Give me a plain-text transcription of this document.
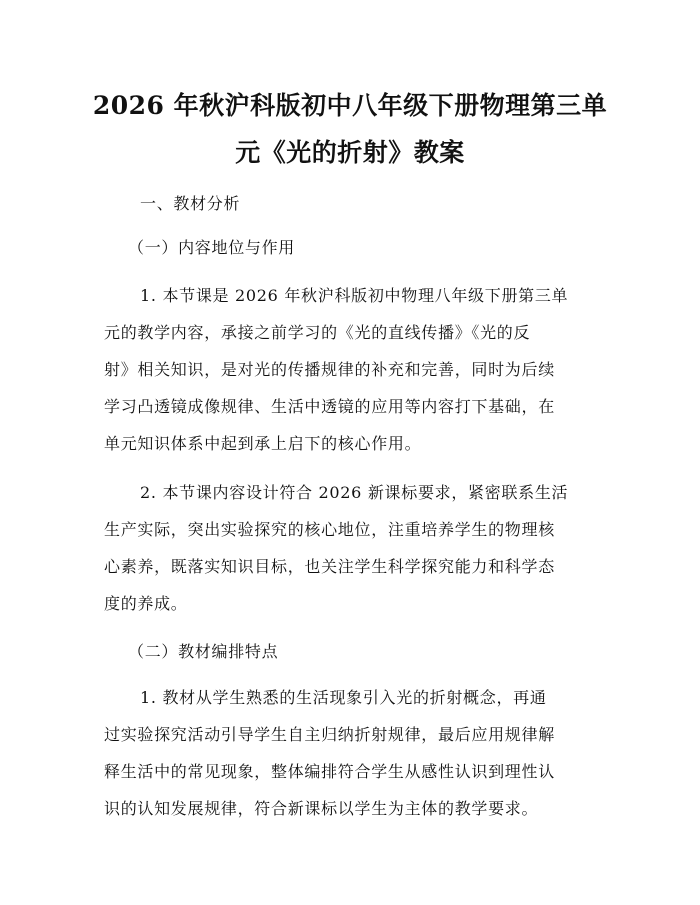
2026 年秋沪科版初中八年级下册物理第三单
元《光的折射》教案
一、教材分析
（一）内容地位与作用
1. 本节课是 2026 年秋沪科版初中物理八年级下册第三单
元的教学内容，承接之前学习的《光的直线传播》《光的反
射》相关知识，是对光的传播规律的补充和完善，同时为后续
学习凸透镜成像规律、生活中透镜的应用等内容打下基础，在
单元知识体系中起到承上启下的核心作用。
2. 本节课内容设计符合 2026 新课标要求，紧密联系生活
生产实际，突出实验探究的核心地位，注重培养学生的物理核
心素养，既落实知识目标，也关注学生科学探究能力和科学态
度的养成。
（二）教材编排特点
1. 教材从学生熟悉的生活现象引入光的折射概念，再通
过实验探究活动引导学生自主归纳折射规律，最后应用规律解
释生活中的常见现象，整体编排符合学生从感性认识到理性认
识的认知发展规律，符合新课标以学生为主体的教学要求。
